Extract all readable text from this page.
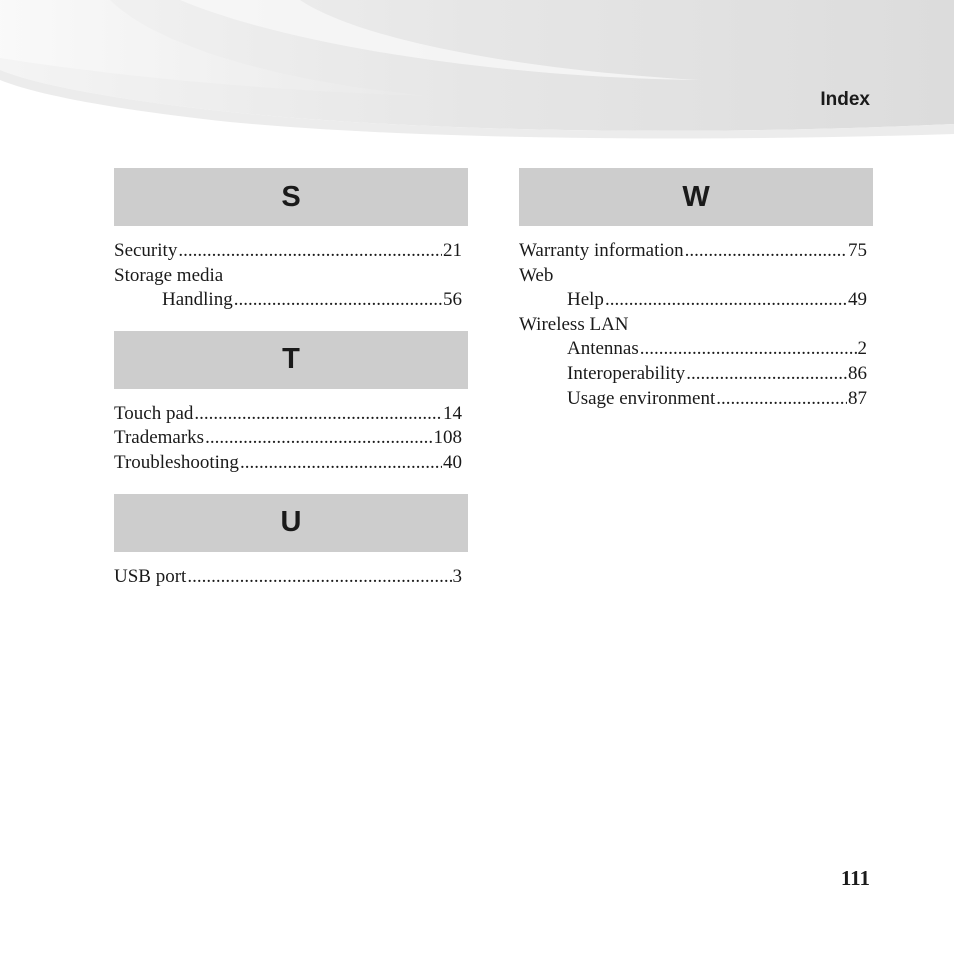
Index
S
Security .....	21
Storage media
Handling .....	56
T
Touch pad .....	14
Trademarks .....	108
Troubleshooting .....	40
U
USB port .....	3
W
Warranty information .....	75
Web
Help .....	49
Wireless LAN
Antennas .....	2
Interoperability .....	86
Usage environment .....	87
111
